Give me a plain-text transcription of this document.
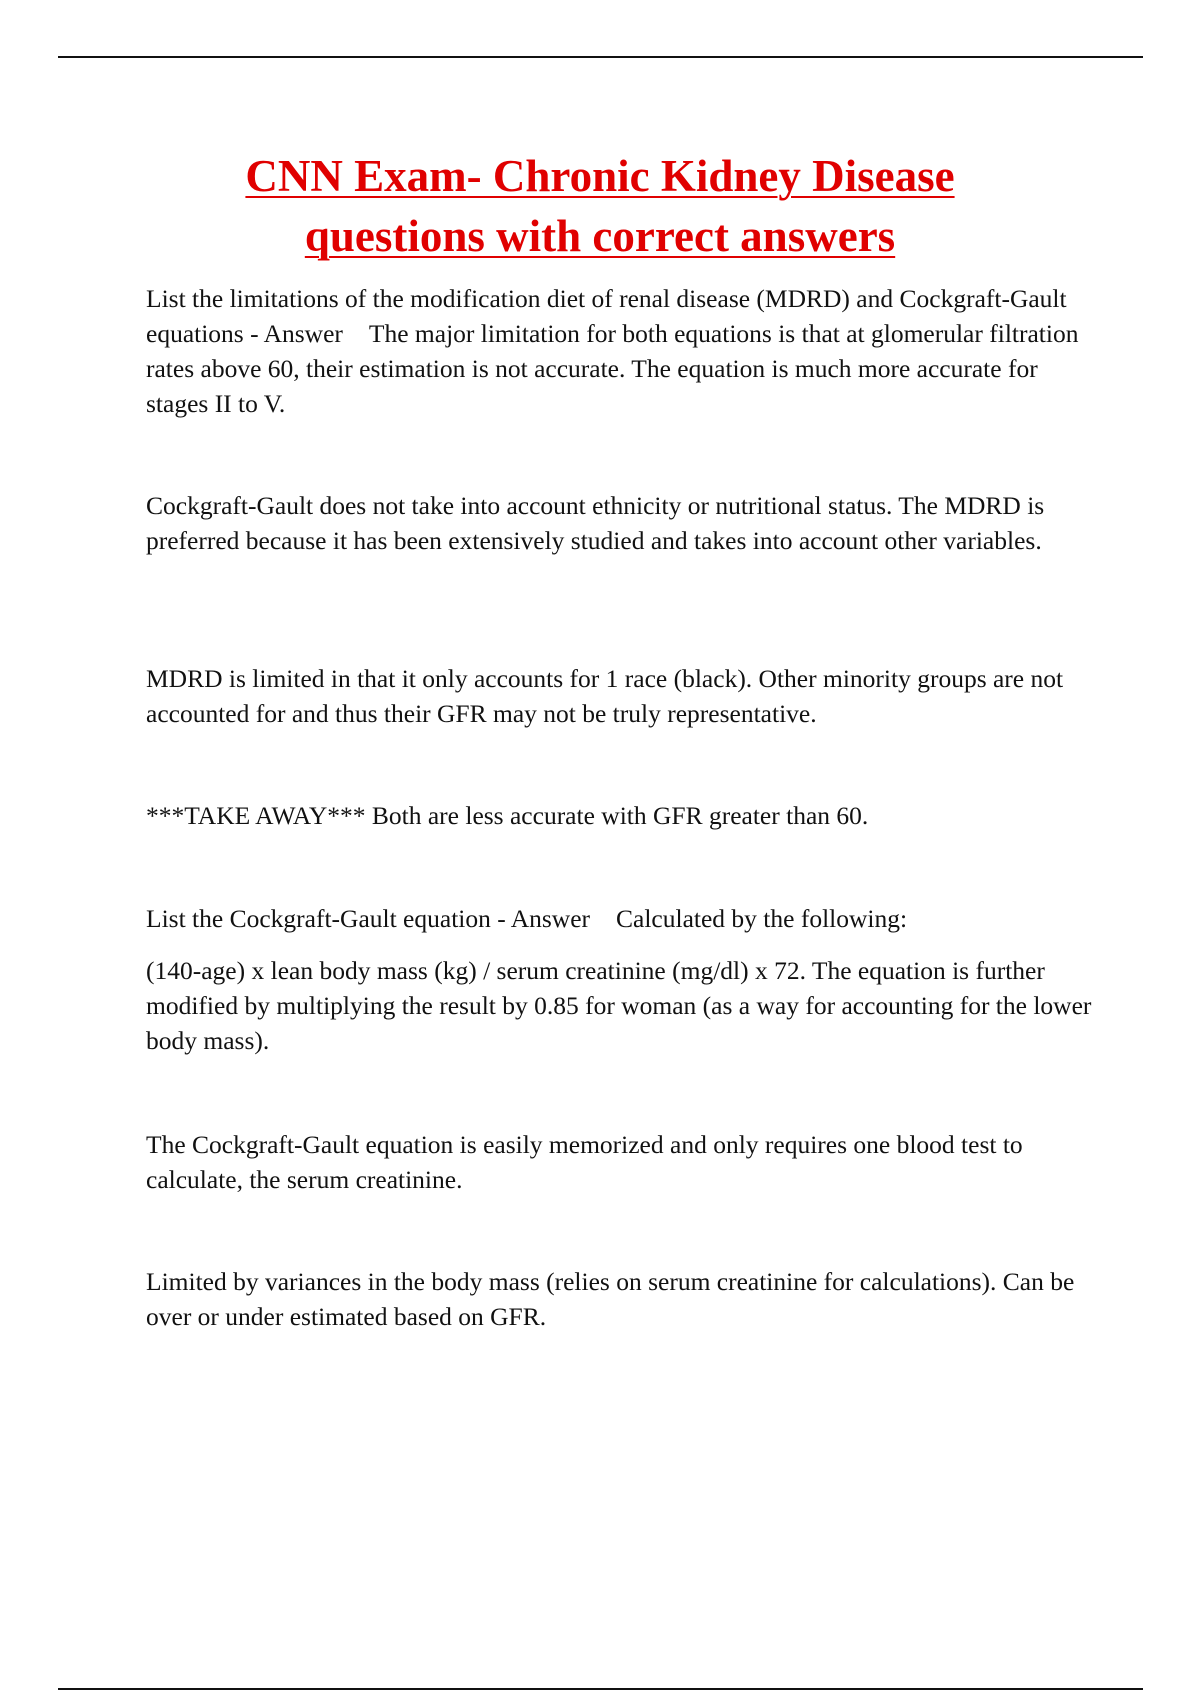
CNN Exam- Chronic Kidney Disease
questions with correct answers

List the limitations of the modification diet of renal disease (MDRD) and Cockgraft-Gault equations - Answer The major limitation for both equations is that at glomerular filtration rates above 60, their estimation is not accurate. The equation is much more accurate for stages II to V.

Cockgraft-Gault does not take into account ethnicity or nutritional status. The MDRD is preferred because it has been extensively studied and takes into account other variables.

MDRD is limited in that it only accounts for 1 race (black). Other minority groups are not accounted for and thus their GFR may not be truly representative.

***TAKE AWAY*** Both are less accurate with GFR greater than 60.

List the Cockgraft-Gault equation - Answer Calculated by the following:

(140-age) x lean body mass (kg) / serum creatinine (mg/dl) x 72. The equation is further modified by multiplying the result by 0.85 for woman (as a way for accounting for the lower body mass).

The Cockgraft-Gault equation is easily memorized and only requires one blood test to calculate, the serum creatinine.

Limited by variances in the body mass (relies on serum creatinine for calculations). Can be over or under estimated based on GFR.
